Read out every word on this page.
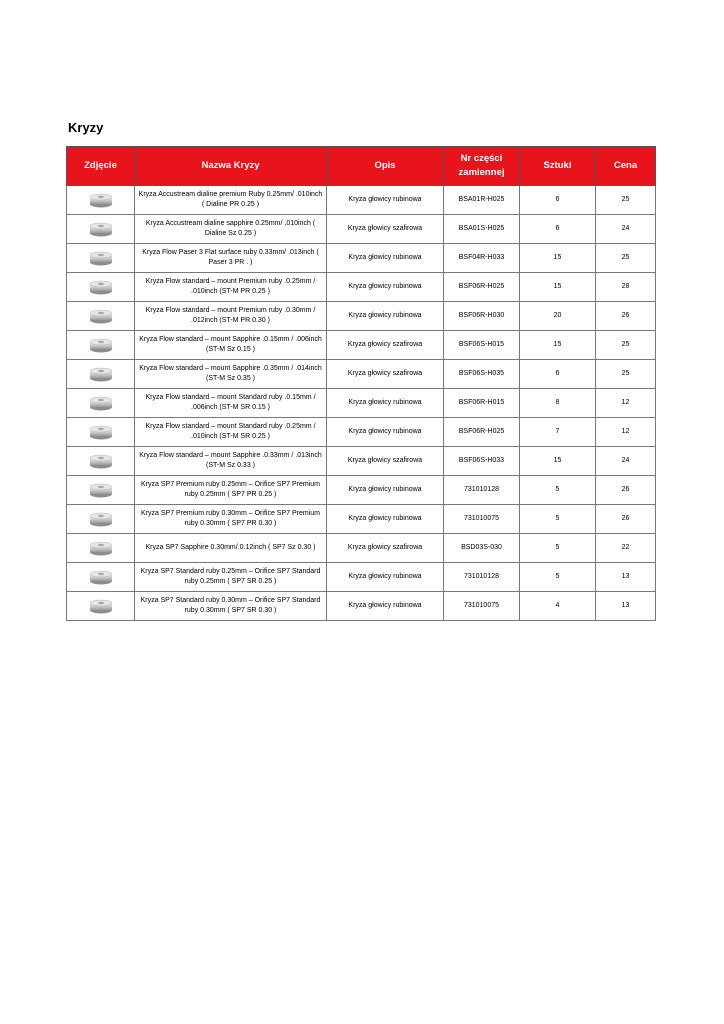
Kryzy
Zdjęcie	Nazwa Kryzy	Opis	Nr części zamiennej	Sztuki	Cena

	Kryza Accustream dialine premium Ruby 0.25mm/ .010inch ( Dialine PR 0.25 )	Kryza głowicy rubinowa	BSA01R-H025	6	25

	Kryza Accustream dialine sapphire 0.25mm/ .010inch ( Dialine Sz 0.25 )	Kryza głowicy szafirowa	BSA01S-H025	6	24

	Kryza Flow Paser 3 Flat surface ruby 0.33mm/ .013inch ( Paser 3 PR . )	Kryza głowicy rubinowa	BSF04R-H033	15	25

	Kryza Flow standard – mount Premium ruby .0.25mm / .010inch (ST-M PR 0.25 )	Kryza głowicy rubinowa	BSF06R-H025	15	28

	Kryza Flow standard – mount Premium ruby .0.30mm / .012inch (ST-M PR 0.30 )	Kryza głowicy rubinowa	BSF06R-H030	20	26

	Kryza Flow standard – mount Sapphire .0.15mm / .006inch (ST-M Sz 0.15 )	Kryza głowicy szafirowa	BSF06S-H015	15	25

	Kryza Flow standard – mount Sapphire .0.35mm / .014inch (ST-M Sz 0.35 )	Kryza głowicy szafirowa	BSF06S-H035	6	25

	Kryza Flow standard – mount Standard ruby .0.15mm / .006inch (ST-M SR 0.15 )	Kryza głowicy rubinowa	BSF06R-H015	8	12

	Kryza Flow standard – mount Standard ruby .0.25mm / .010inch (ST-M SR 0.25 )	Kryza głowicy rubinowa	BSF06R-H025	7	12

	Kryza Flow standard – mount Sapphire .0.33mm / .013inch (ST-M Sz 0.33 )	Kryza głowicy szafirowa	BSF06S-H033	15	24

	Kryza SP7 Premium ruby 0.25mm – Orifice SP7 Premium ruby 0.25mm ( SP7 PR 0.25 )	Kryza głowicy rubinowa	731010128	5	26

	Kryza SP7 Premium ruby 0.30mm – Orifice SP7 Premium ruby 0.30mm ( SP7 PR 0.30 )	Kryza głowicy rubinowa	731010075	5	26

	Kryza SP7 Sapphire 0.30mm/.0.12inch ( SP7 Sz 0.30 )	Kryza głowicy szafirowa	BSD03S-030	5	22

	Kryza SP7 Standard ruby 0.25mm – Orifice SP7 Standard ruby 0.25mm ( SP7 SR 0.25 )	Kryza głowicy rubinowa	731010128	5	13

	Kryza SP7 Standard ruby 0.30mm – Orifice SP7 Standard ruby 0.30mm ( SP7 SR 0.30 )	Kryza głowicy rubinowa	731010075	4	13
